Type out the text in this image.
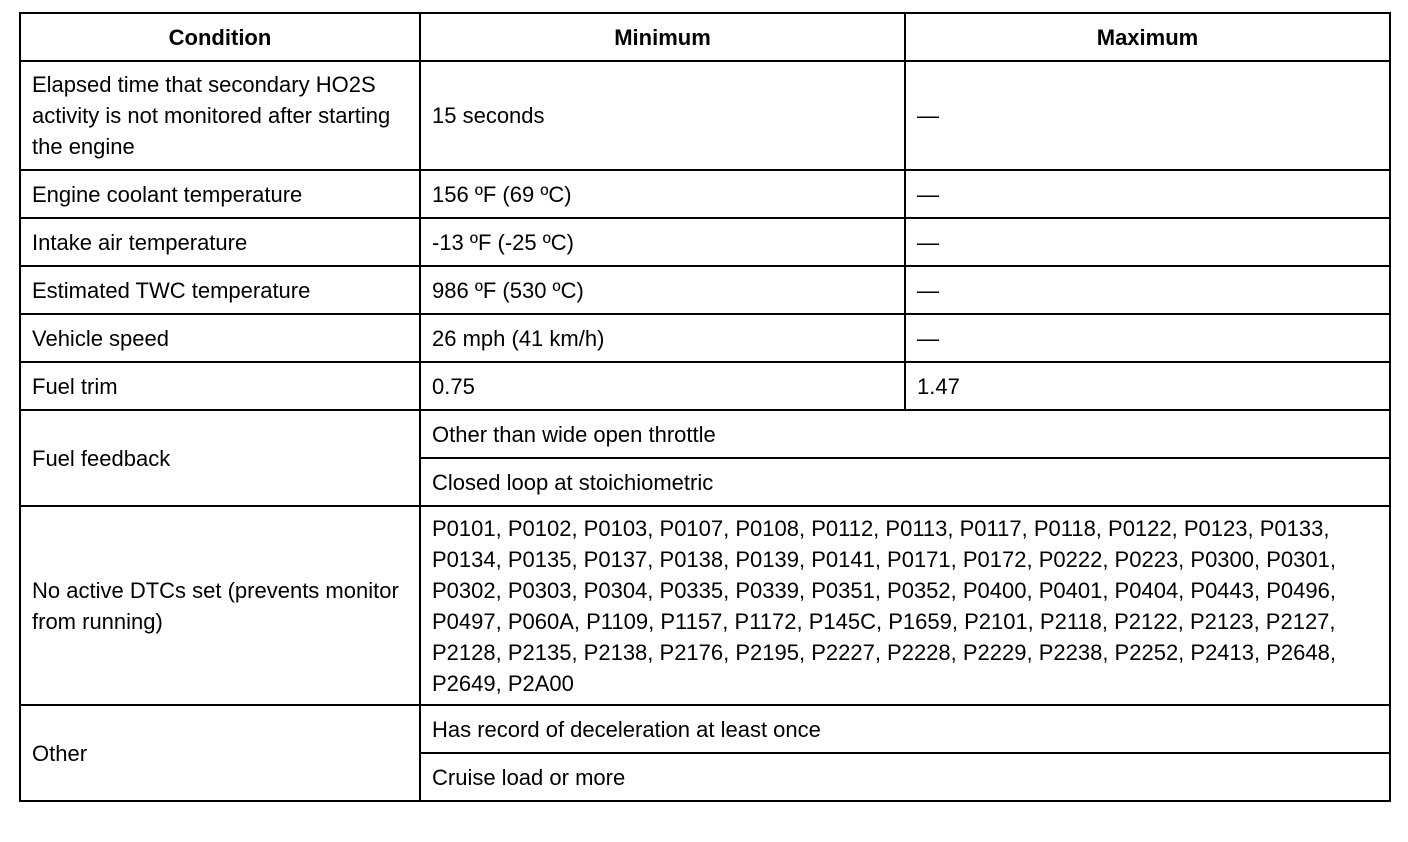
Condition	Minimum	Maximum
Elapsed time that secondary HO2S activity is not monitored after starting the engine	15 seconds	—
Engine coolant temperature	156 ºF (69 ºC)	—
Intake air temperature	-13 ºF (-25 ºC)	—
Estimated TWC temperature	986 ºF (530 ºC)	—
Vehicle speed	26 mph (41 km/h)	—
Fuel trim	0.75	1.47
Fuel feedback	Other than wide open throttle	
	Closed loop at stoichiometric	
No active DTCs set (prevents monitor from running)	P0101, P0102, P0103, P0107, P0108, P0112, P0113, P0117, P0118, P0122, P0123, P0133, P0134, P0135, P0137, P0138, P0139, P0141, P0171, P0172, P0222, P0223, P0300, P0301, P0302, P0303, P0304, P0335, P0339, P0351, P0352, P0400, P0401, P0404, P0443, P0496, P0497, P060A, P1109, P1157, P1172, P145C, P1659, P2101, P2118, P2122, P2123, P2127, P2128, P2135, P2138, P2176, P2195, P2227, P2228, P2229, P2238, P2252, P2413, P2648, P2649, P2A00	
Other	Has record of deceleration at least once	
	Cruise load or more	
